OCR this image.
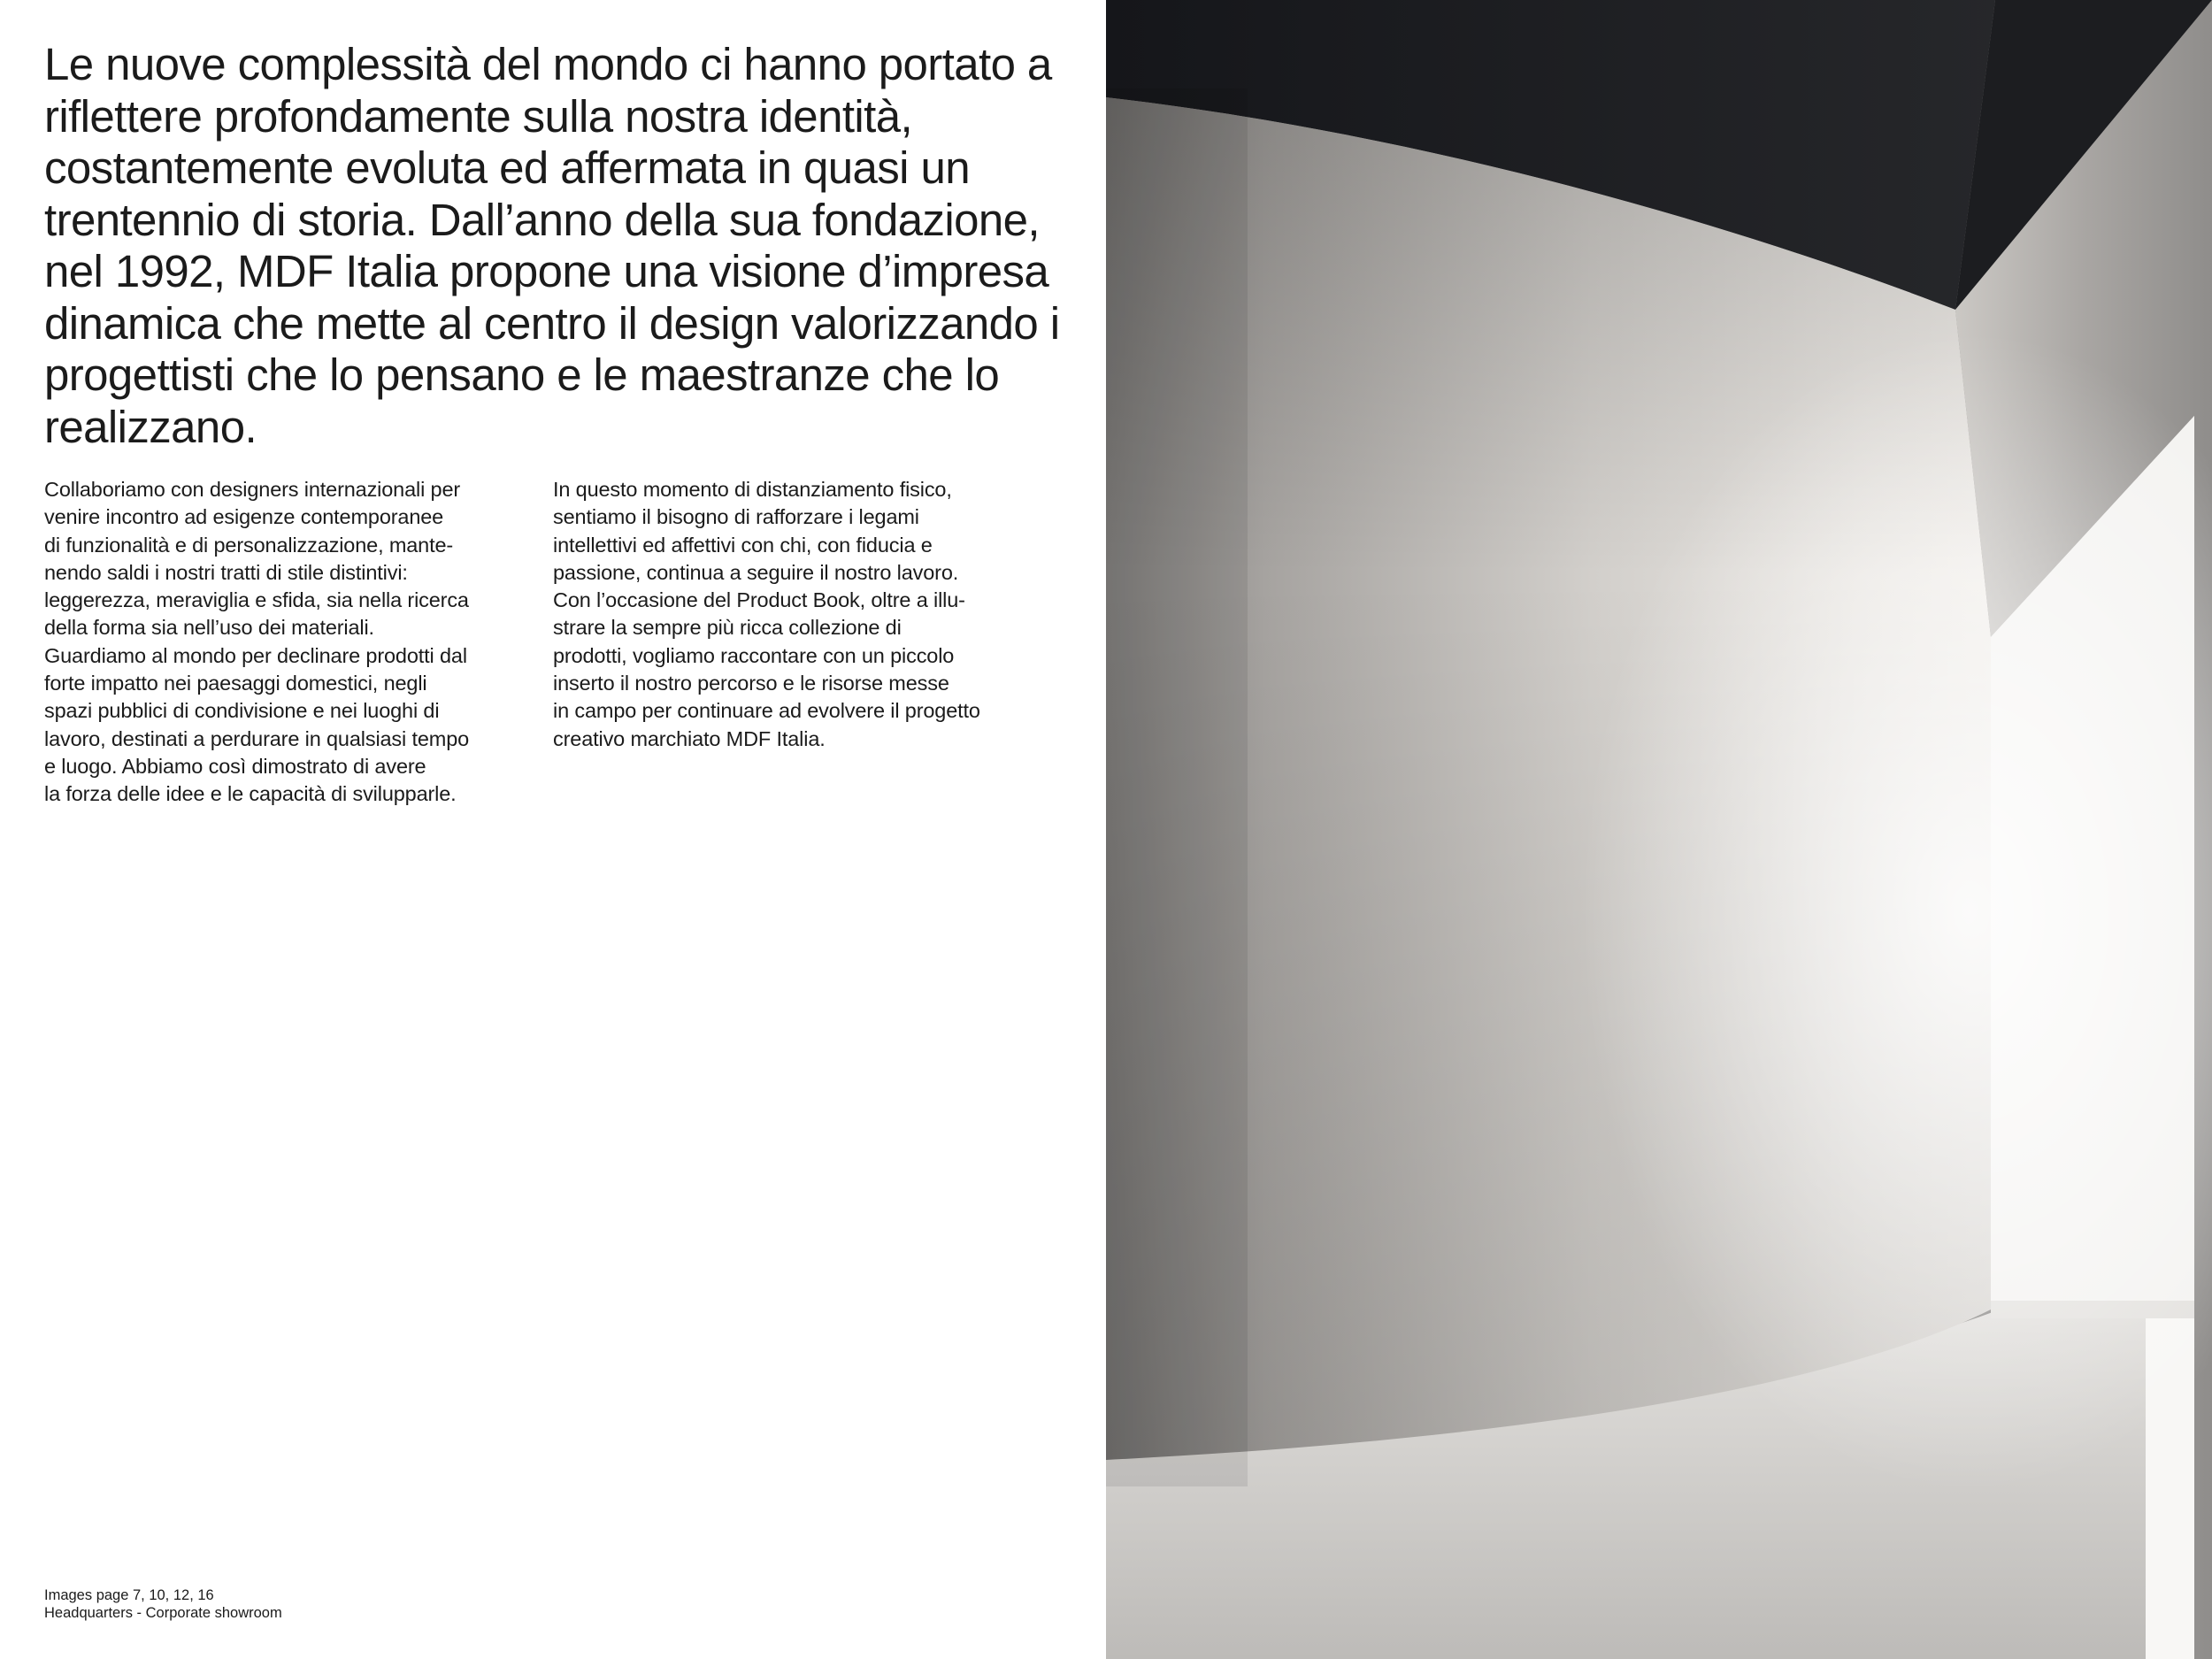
Le nuove complessità del mondo ci hanno portato a riflettere profondamente sulla nostra identità, costantemente evoluta ed affermata in quasi un trentennio di storia. Dall’anno della sua fondazione, nel 1992, MDF Italia propone una visione d’impresa dinamica che mette al centro il design valorizzando i progettisti che lo pensano e le maestranze che lo realizzano.

Collaboriamo con designers internazionali per
venire incontro ad esigenze contemporanee
di funzionalità e di personalizzazione, mante-
nendo saldi i nostri tratti di stile distintivi:
leggerezza, meraviglia e sfida, sia nella ricerca
della forma sia nell’uso dei materiali.
Guardiamo al mondo per declinare prodotti dal
forte impatto nei paesaggi domestici, negli
spazi pubblici di condivisione e nei luoghi di
lavoro, destinati a perdurare in qualsiasi tempo
e luogo. Abbiamo così dimostrato di avere
la forza delle idee e le capacità di svilupparle.

In questo momento di distanziamento fisico,
sentiamo il bisogno di rafforzare i legami
intellettivi ed affettivi con chi, con fiducia e
passione, continua a seguire il nostro lavoro.
Con l’occasione del Product Book, oltre a illu-
strare la sempre più ricca collezione di
prodotti, vogliamo raccontare con un piccolo
inserto il nostro percorso e le risorse messe
in campo per continuare ad evolvere il progetto
creativo marchiato MDF Italia.

Images page 7, 10, 12, 16
Headquarters - Corporate showroom
